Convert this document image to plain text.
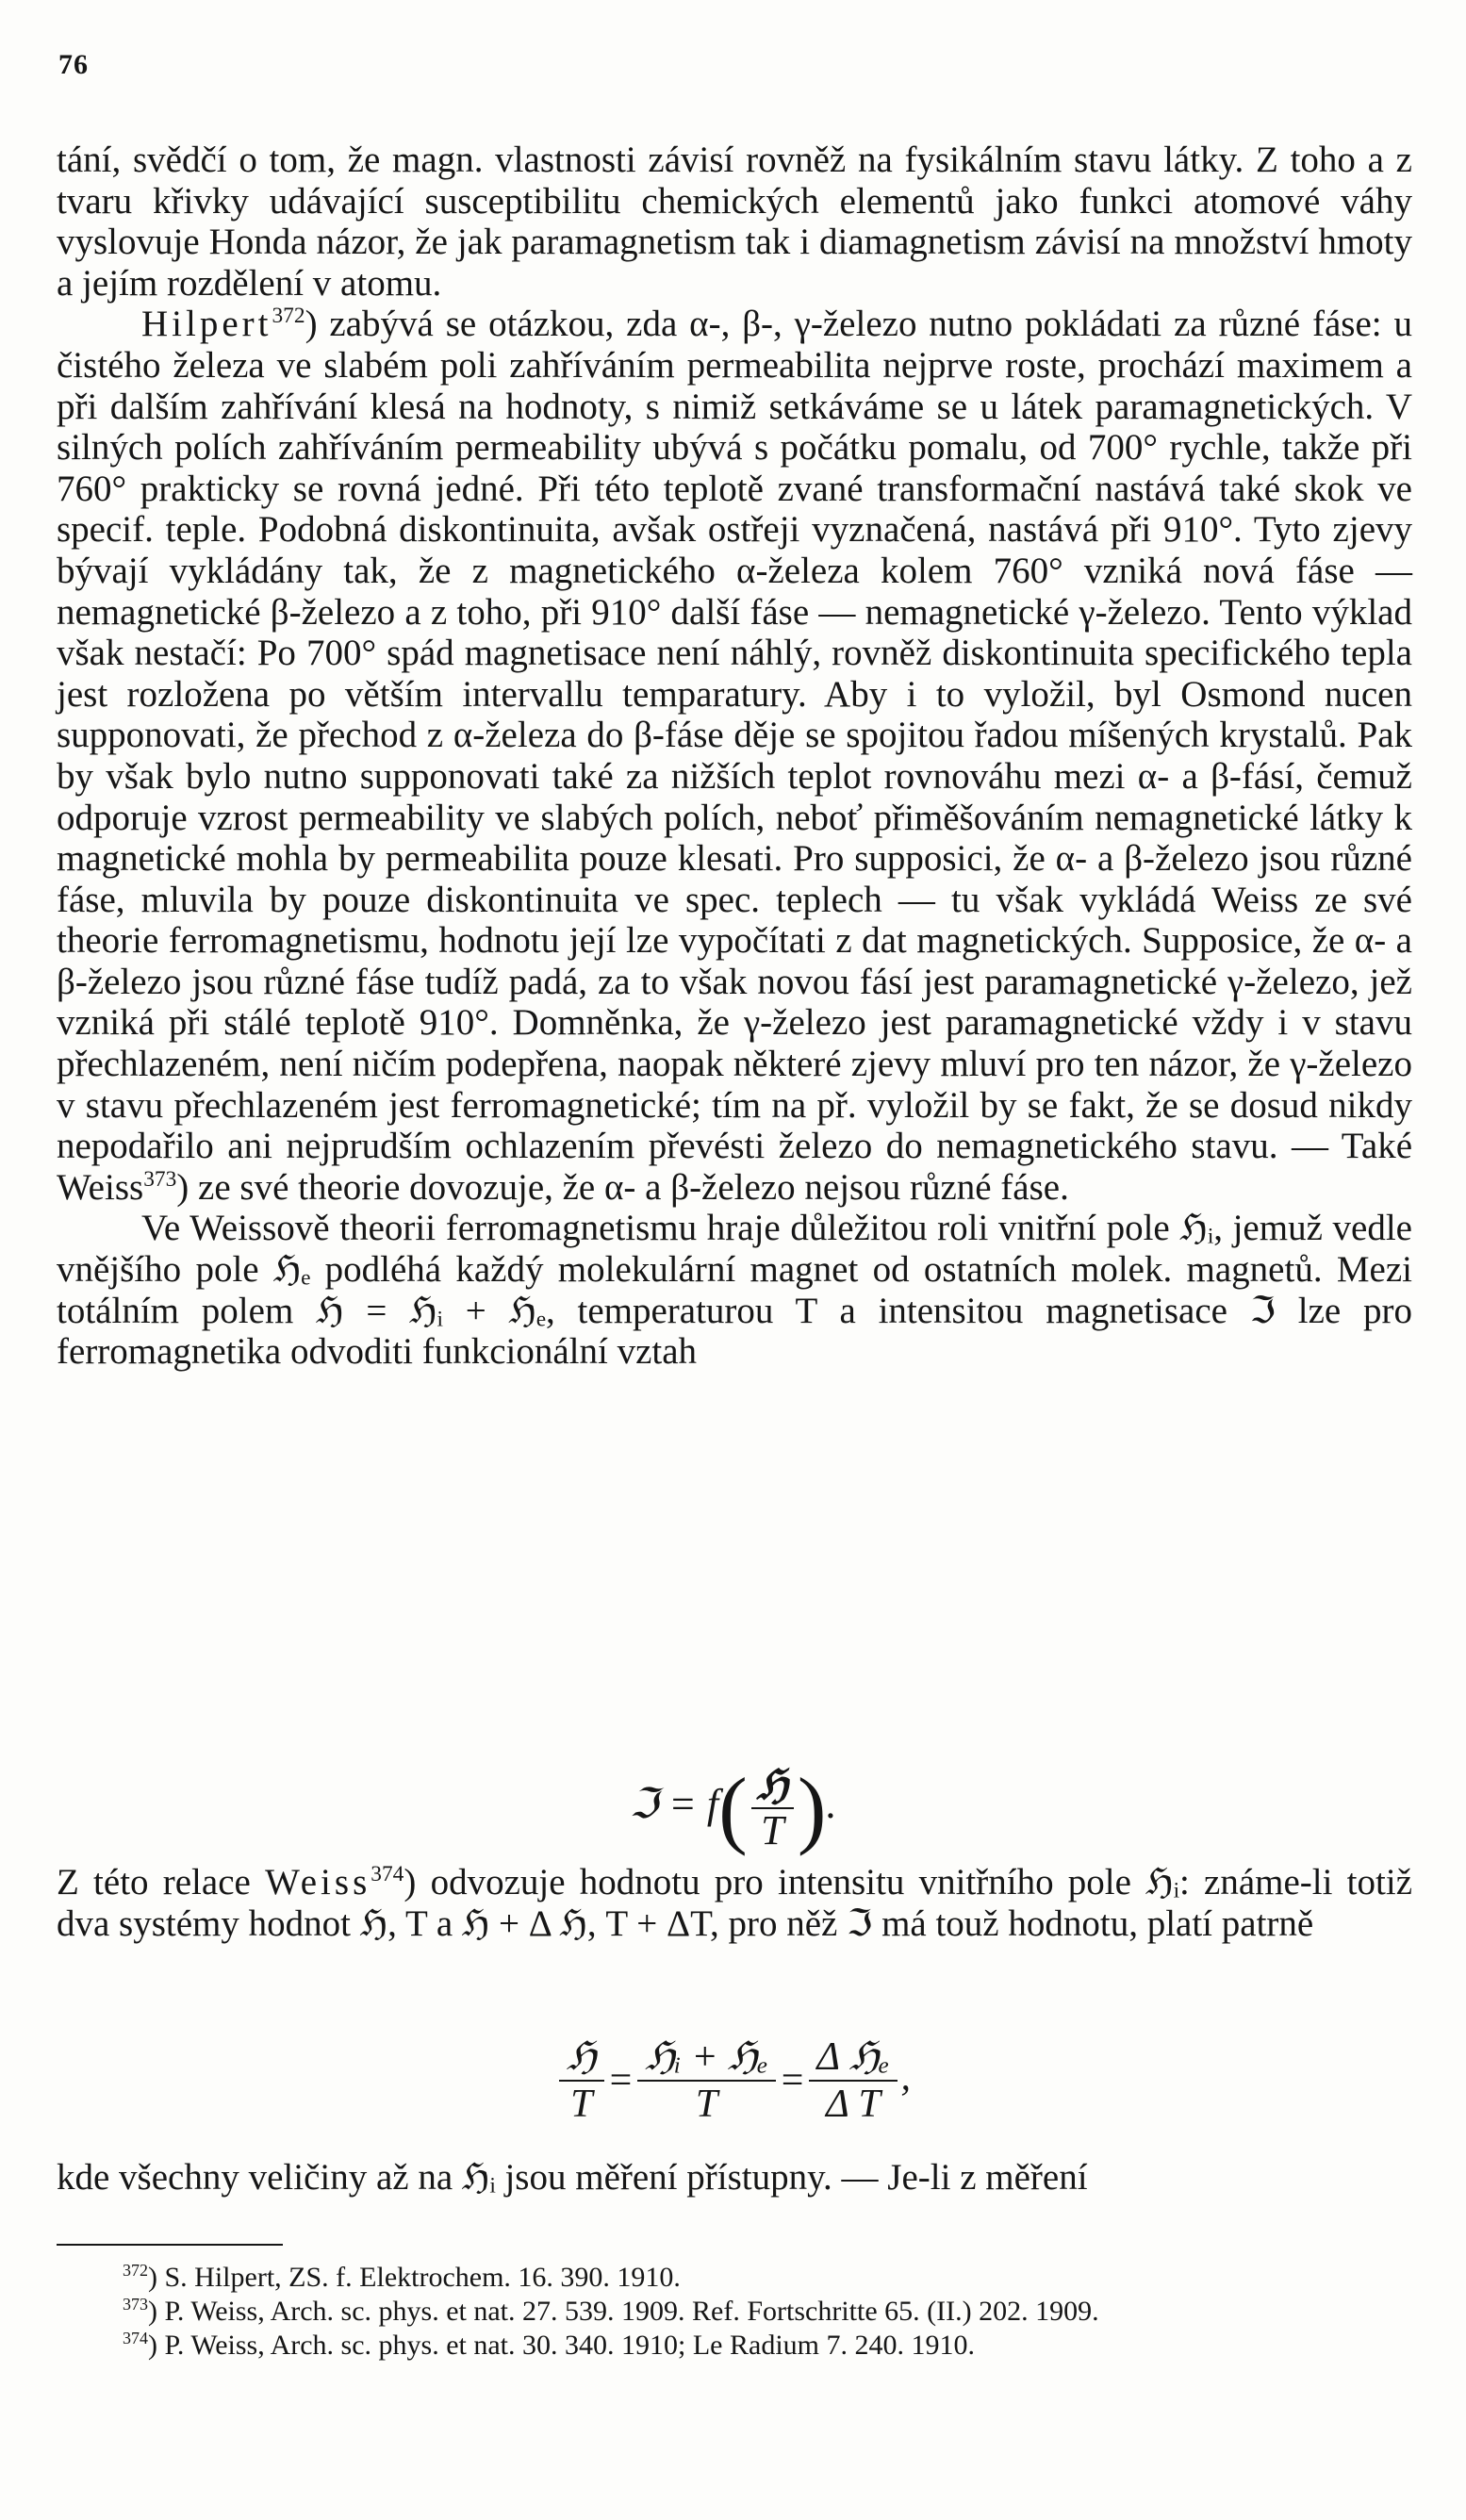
76

tání, svědčí o tom, že magn. vlastnosti závisí rovněž na fysikálním stavu látky. Z toho a z tvaru křivky udávající susceptibilitu chemických elementů jako funkci atomové váhy vyslovuje Honda názor, že jak paramagnetism tak i diamagnetism závisí na množství hmoty a jejím rozdělení v atomu.

Hilpert$^{372}$) zabývá se otázkou, zda α-, β-, γ-železo nutno pokládati za různé fáse: u čistého železa ve slabém poli zahříváním permeabilita nejprve roste, prochází maximem a při dalším zahřívání klesá na hodnoty, s nimiž setkáváme se u látek paramagnetických. V silných polích zahříváním permeability ubývá s počátku pomalu, od 700° rychle, takže při 760° prakticky se rovná jedné. Při této teplotě zvané transformační nastává také skok ve specif. teple. Podobná diskontinuita, avšak ostřeji vyznačená, nastává při 910°. Tyto zjevy bývají vykládány tak, že z magnetického α-železa kolem 760° vzniká nová fáse — nemagnetické β-železo a z toho, při 910° další fáse — nemagnetické γ-železo. Tento výklad však nestačí: Po 700° spád magnetisace není náhlý, rovněž diskontinuita specifického tepla jest rozložena po větším intervallu temparatury. Aby i to vyložil, byl Osmond nucen supponovati, že přechod z α-železa do β-fáse děje se spojitou řadou míšených krystalů. Pak by však bylo nutno supponovati také za nižších teplot rovnováhu mezi α- a β-fásí, čemuž odporuje vzrost permeability ve slabých polích, neboť přiměšováním nemagnetické látky k magnetické mohla by permeabilita pouze klesati. Pro supposici, že α- a β-železo jsou různé fáse, mluvila by pouze diskontinuita ve spec. teplech — tu však vykládá Weiss ze své theorie ferromagnetismu, hodnotu její lze vypočítati z dat magnetických. Supposice, že α- a β-železo jsou různé fáse tudíž padá, za to však novou fásí jest paramagnetické γ-železo, jež vzniká při stálé teplotě 910°. Domněnka, že γ-železo jest paramagnetické vždy i v stavu přechlazeném, není ničím podepřena, naopak některé zjevy mluví pro ten názor, že γ-železo v stavu přechlazeném jest ferromagnetické; tím na př. vyložil by se fakt, že se dosud nikdy nepodařilo ani nejprudším ochlazením převésti železo do nemagnetického stavu. — Také Weiss$^{373}$) ze své theorie dovozuje, že α- a β-železo nejsou různé fáse.

Ve Weissově theorii ferromagnetismu hraje důležitou roli vnitřní pole ℌᵢ, jemuž vedle vnějšího pole ℌₑ podléhá každý molekulární magnet od ostatních molek. magnetů. Mezi totálním polem ℌ = ℌᵢ + ℌₑ, temperaturou T a intensitou magnetisace ℑ lze pro ferromagnetika odvoditi funkcionální vztah

ℑ = $f( \frac{\text{ℌ}}{T}$ ).

Z této relace Weiss$^{374}$) odvozuje hodnotu pro intensitu vnitřního pole ℌᵢ: známe-li totiž dva systémy hodnot ℌ, T a ℌ + Δ ℌ, T + ΔT, pro něž ℑ má touž hodnotu, platí patrně

$\frac{\text{ℌ}}{T} = \frac{\text{ℌᵢ + ℌₑ}}{T} = \frac{\text{Δ ℌₑ}}{\text{Δ T}}$ ,
kde všechny veličiny až na ℌᵢ jsou měření přístupny. — Je-li z měření

$^{372}$) S. Hilpert, ZS. f. Elektrochem. 16. 390. 1910.

$^{373}$) P. Weiss, Arch. sc. phys. et nat. 27. 539. 1909. Ref. Fortschritte 65. (II.) 202. 1909.

$^{374}$) P. Weiss, Arch. sc. phys. et nat. 30. 340. 1910; Le Radium 7. 240. 1910.
